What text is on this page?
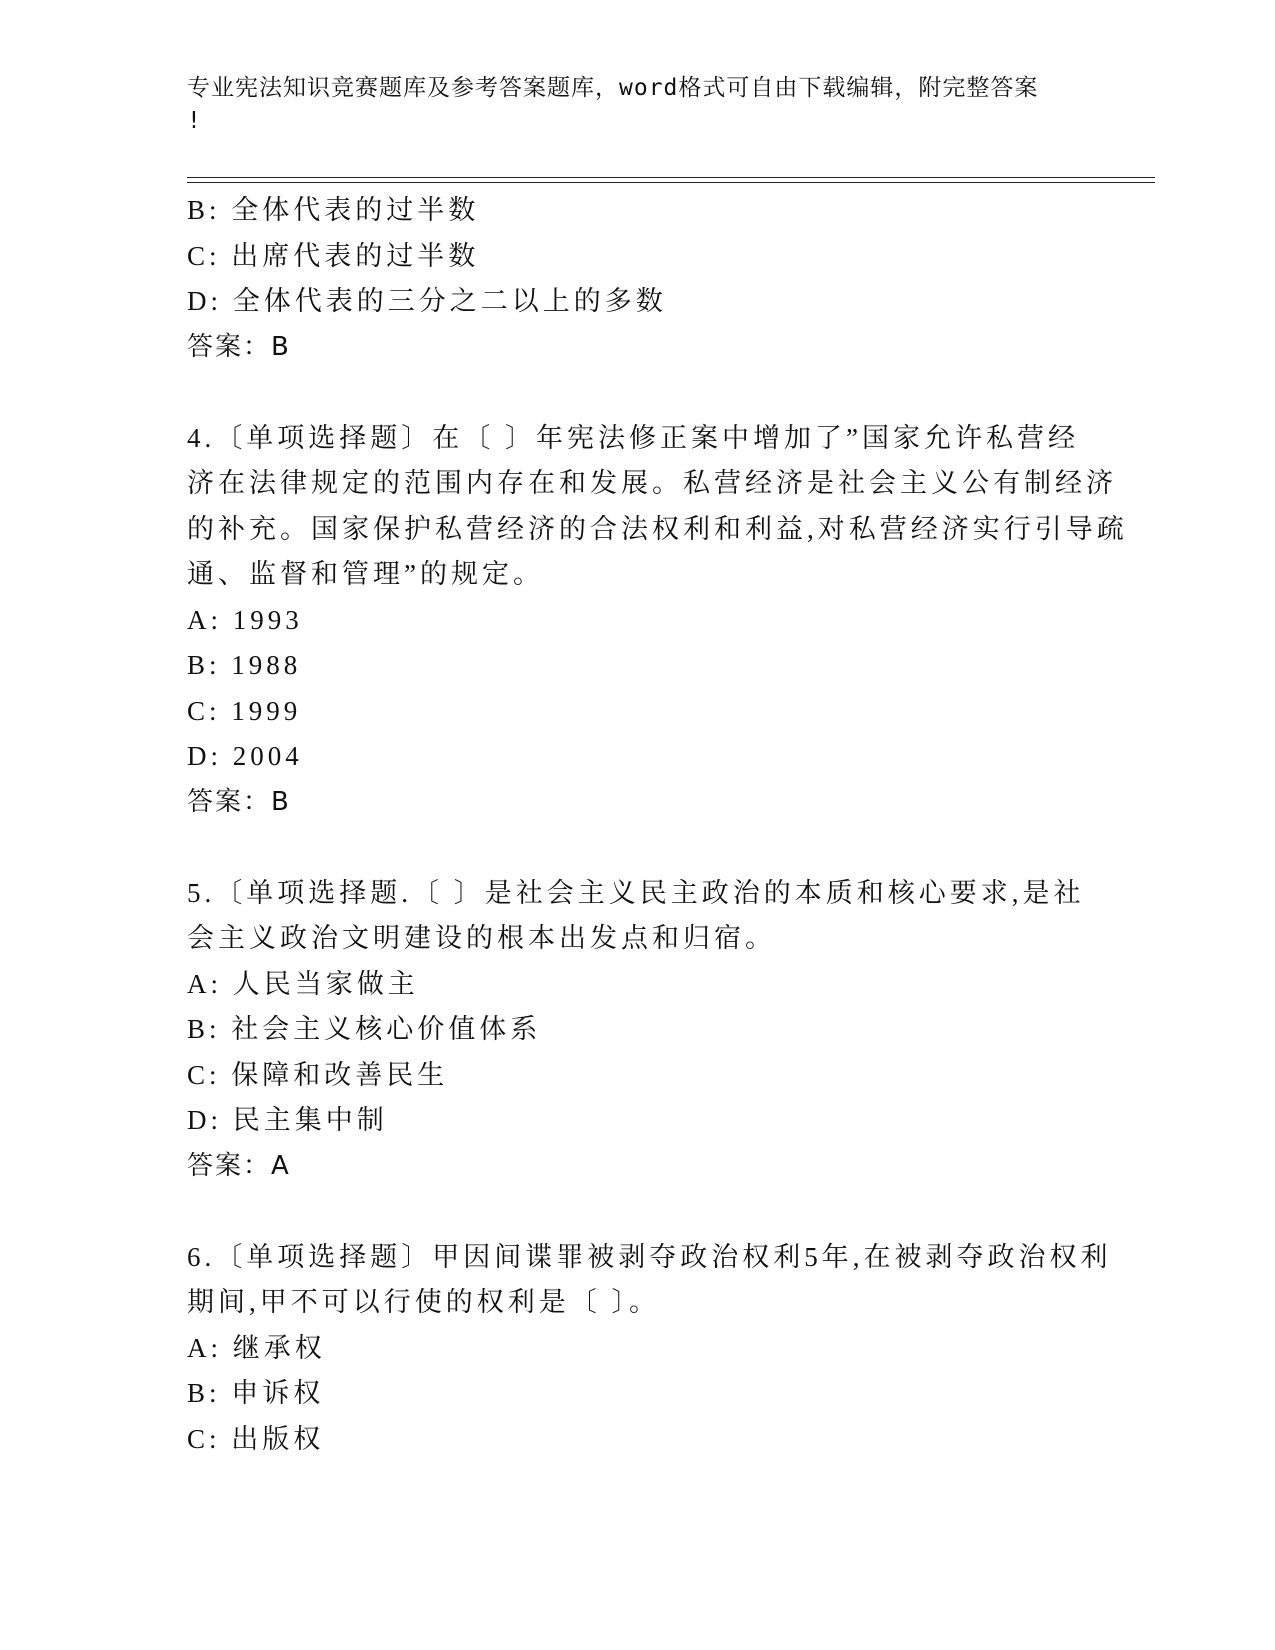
专业宪法知识竞赛题库及参考答案题库，word格式可自由下载编辑，附完整答案
!
B: 全体代表的过半数
C: 出席代表的过半数
D: 全体代表的三分之二以上的多数
答案：B
4.〔单项选择题〕在〔 〕年宪法修正案中增加了”国家允许私营经
济在法律规定的范围内存在和发展。私营经济是社会主义公有制经济
的补充。国家保护私营经济的合法权利和利益,对私营经济实行引导疏
通、监督和管理”的规定。
A: 1993
B: 1988
C: 1999
D: 2004
答案：B
5.〔单项选择题.〔 〕是社会主义民主政治的本质和核心要求,是社
会主义政治文明建设的根本出发点和归宿。
A: 人民当家做主
B: 社会主义核心价值体系
C: 保障和改善民生
D: 民主集中制
答案：A
6.〔单项选择题〕甲因间谍罪被剥夺政治权利5年,在被剥夺政治权利
期间,甲不可以行使的权利是〔 〕。
A: 继承权
B: 申诉权
C: 出版权
